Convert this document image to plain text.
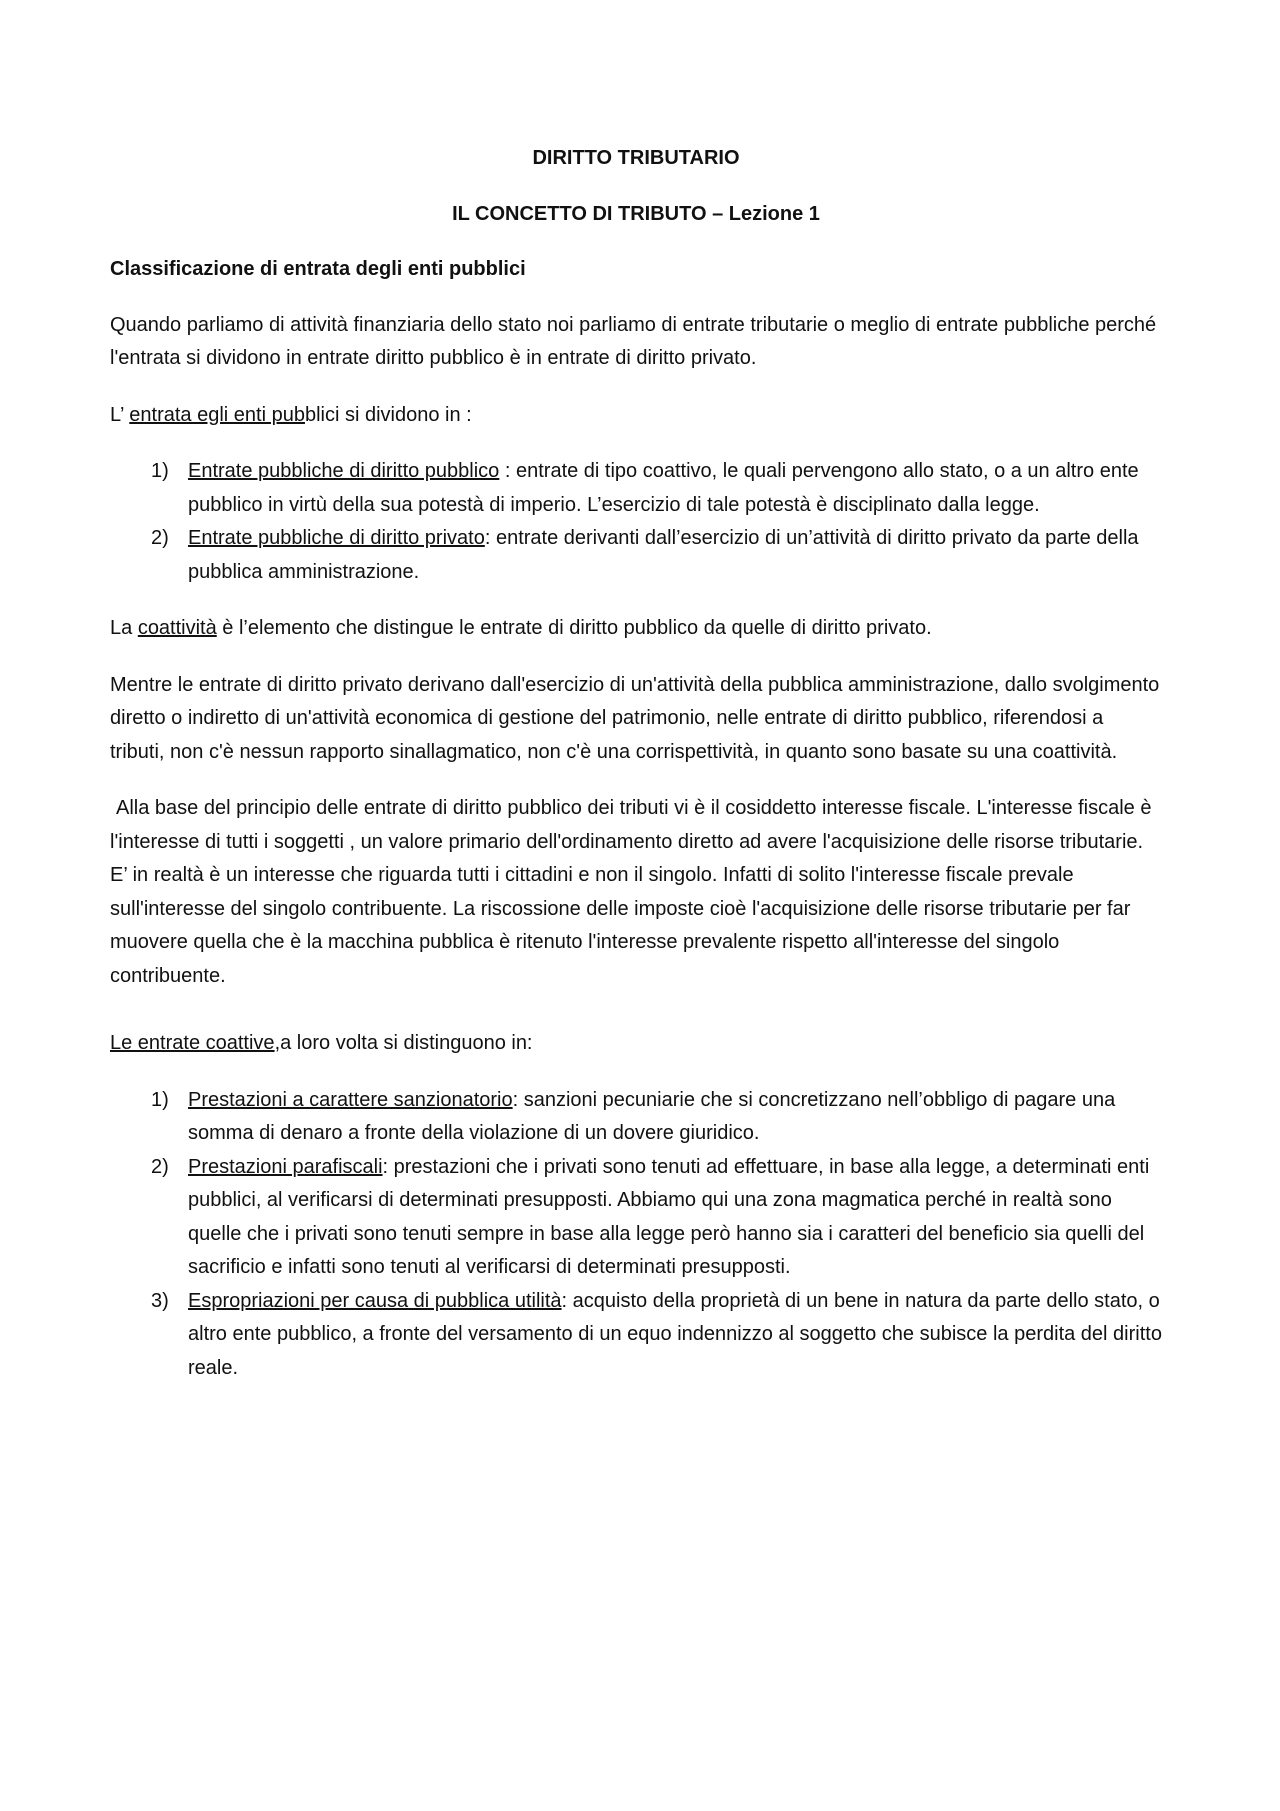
DIRITTO TRIBUTARIO
IL CONCETTO DI TRIBUTO – Lezione 1
Classificazione di entrata degli enti pubblici

Quando parliamo di attività finanziaria dello stato noi parliamo di entrate tributarie o meglio di entrate pubbliche perché l'entrata si dividono in entrate diritto pubblico è in entrate di diritto privato.

L’ entrata egli enti pubblici si dividono in :

1) Entrate pubbliche di diritto pubblico : entrate di tipo coattivo, le quali pervengono allo stato, o a un altro ente pubblico in virtù della sua potestà di imperio. L’esercizio di tale potestà è disciplinato dalla legge.
2) Entrate pubbliche di diritto privato: entrate derivanti dall’esercizio di un’attività di diritto privato da parte della pubblica amministrazione.

La coattività è l’elemento che distingue le entrate di diritto pubblico da quelle di diritto privato.

Mentre le entrate di diritto privato derivano dall'esercizio di un'attività della pubblica amministrazione, dallo svolgimento diretto o indiretto di un'attività economica di gestione del patrimonio, nelle entrate di diritto pubblico, riferendosi a tributi, non c'è nessun rapporto sinallagmatico, non c'è una corrispettività, in quanto sono basate su una coattività.

Alla base del principio delle entrate di diritto pubblico dei tributi vi è il cosiddetto interesse fiscale. L'interesse fiscale è l'interesse di tutti i soggetti , un valore primario dell'ordinamento diretto ad avere l'acquisizione delle risorse tributarie. E’ in realtà è un interesse che riguarda tutti i cittadini e non il singolo. Infatti di solito l'interesse fiscale prevale sull'interesse del singolo contribuente. La riscossione delle imposte cioè l'acquisizione delle risorse tributarie per far muovere quella che è la macchina pubblica è ritenuto l'interesse prevalente rispetto all'interesse del singolo contribuente.

Le entrate coattive,a loro volta si distinguono in:

1) Prestazioni a carattere sanzionatorio: sanzioni pecuniarie che si concretizzano nell’obbligo di pagare una somma di denaro a fronte della violazione di un dovere giuridico.
2) Prestazioni parafiscali: prestazioni che i privati sono tenuti ad effettuare, in base alla legge, a determinati enti pubblici, al verificarsi di determinati presupposti. Abbiamo qui una zona magmatica perché in realtà sono quelle che i privati sono tenuti sempre in base alla legge però hanno sia i caratteri del beneficio sia quelli del sacrificio e infatti sono tenuti al verificarsi di determinati presupposti.
3) Espropriazioni per causa di pubblica utilità: acquisto della proprietà di un bene in natura da parte dello stato, o altro ente pubblico, a fronte del versamento di un equo indennizzo al soggetto che subisce la perdita del diritto reale.
